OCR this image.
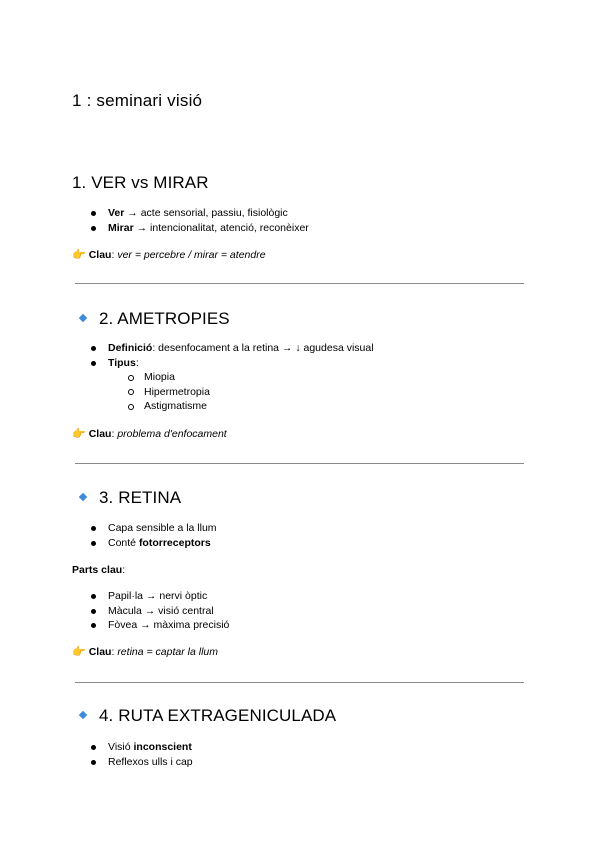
1 : seminari visió
1. VER vs MIRAR
Ver → acte sensorial, passiu, fisiològic
Mirar → intencionalitat, atenció, reconèixer
👉 Clau: ver = percebre / mirar = atendre
2. AMETROPIES
Definició: desenfocament a la retina → ↓ agudesa visual
Tipus:
Miopia
Hipermetropia
Astigmatisme
👉 Clau: problema d'enfocament
3. RETINA
Capa sensible a la llum
Conté fotorreceptors
Parts clau:
Papil·la → nervi òptic
Màcula → visió central
Fòvea → màxima precisió
👉 Clau: retina = captar la llum
4. RUTA EXTRAGENICULADA
Visió inconscient
Reflexos ulls i cap
